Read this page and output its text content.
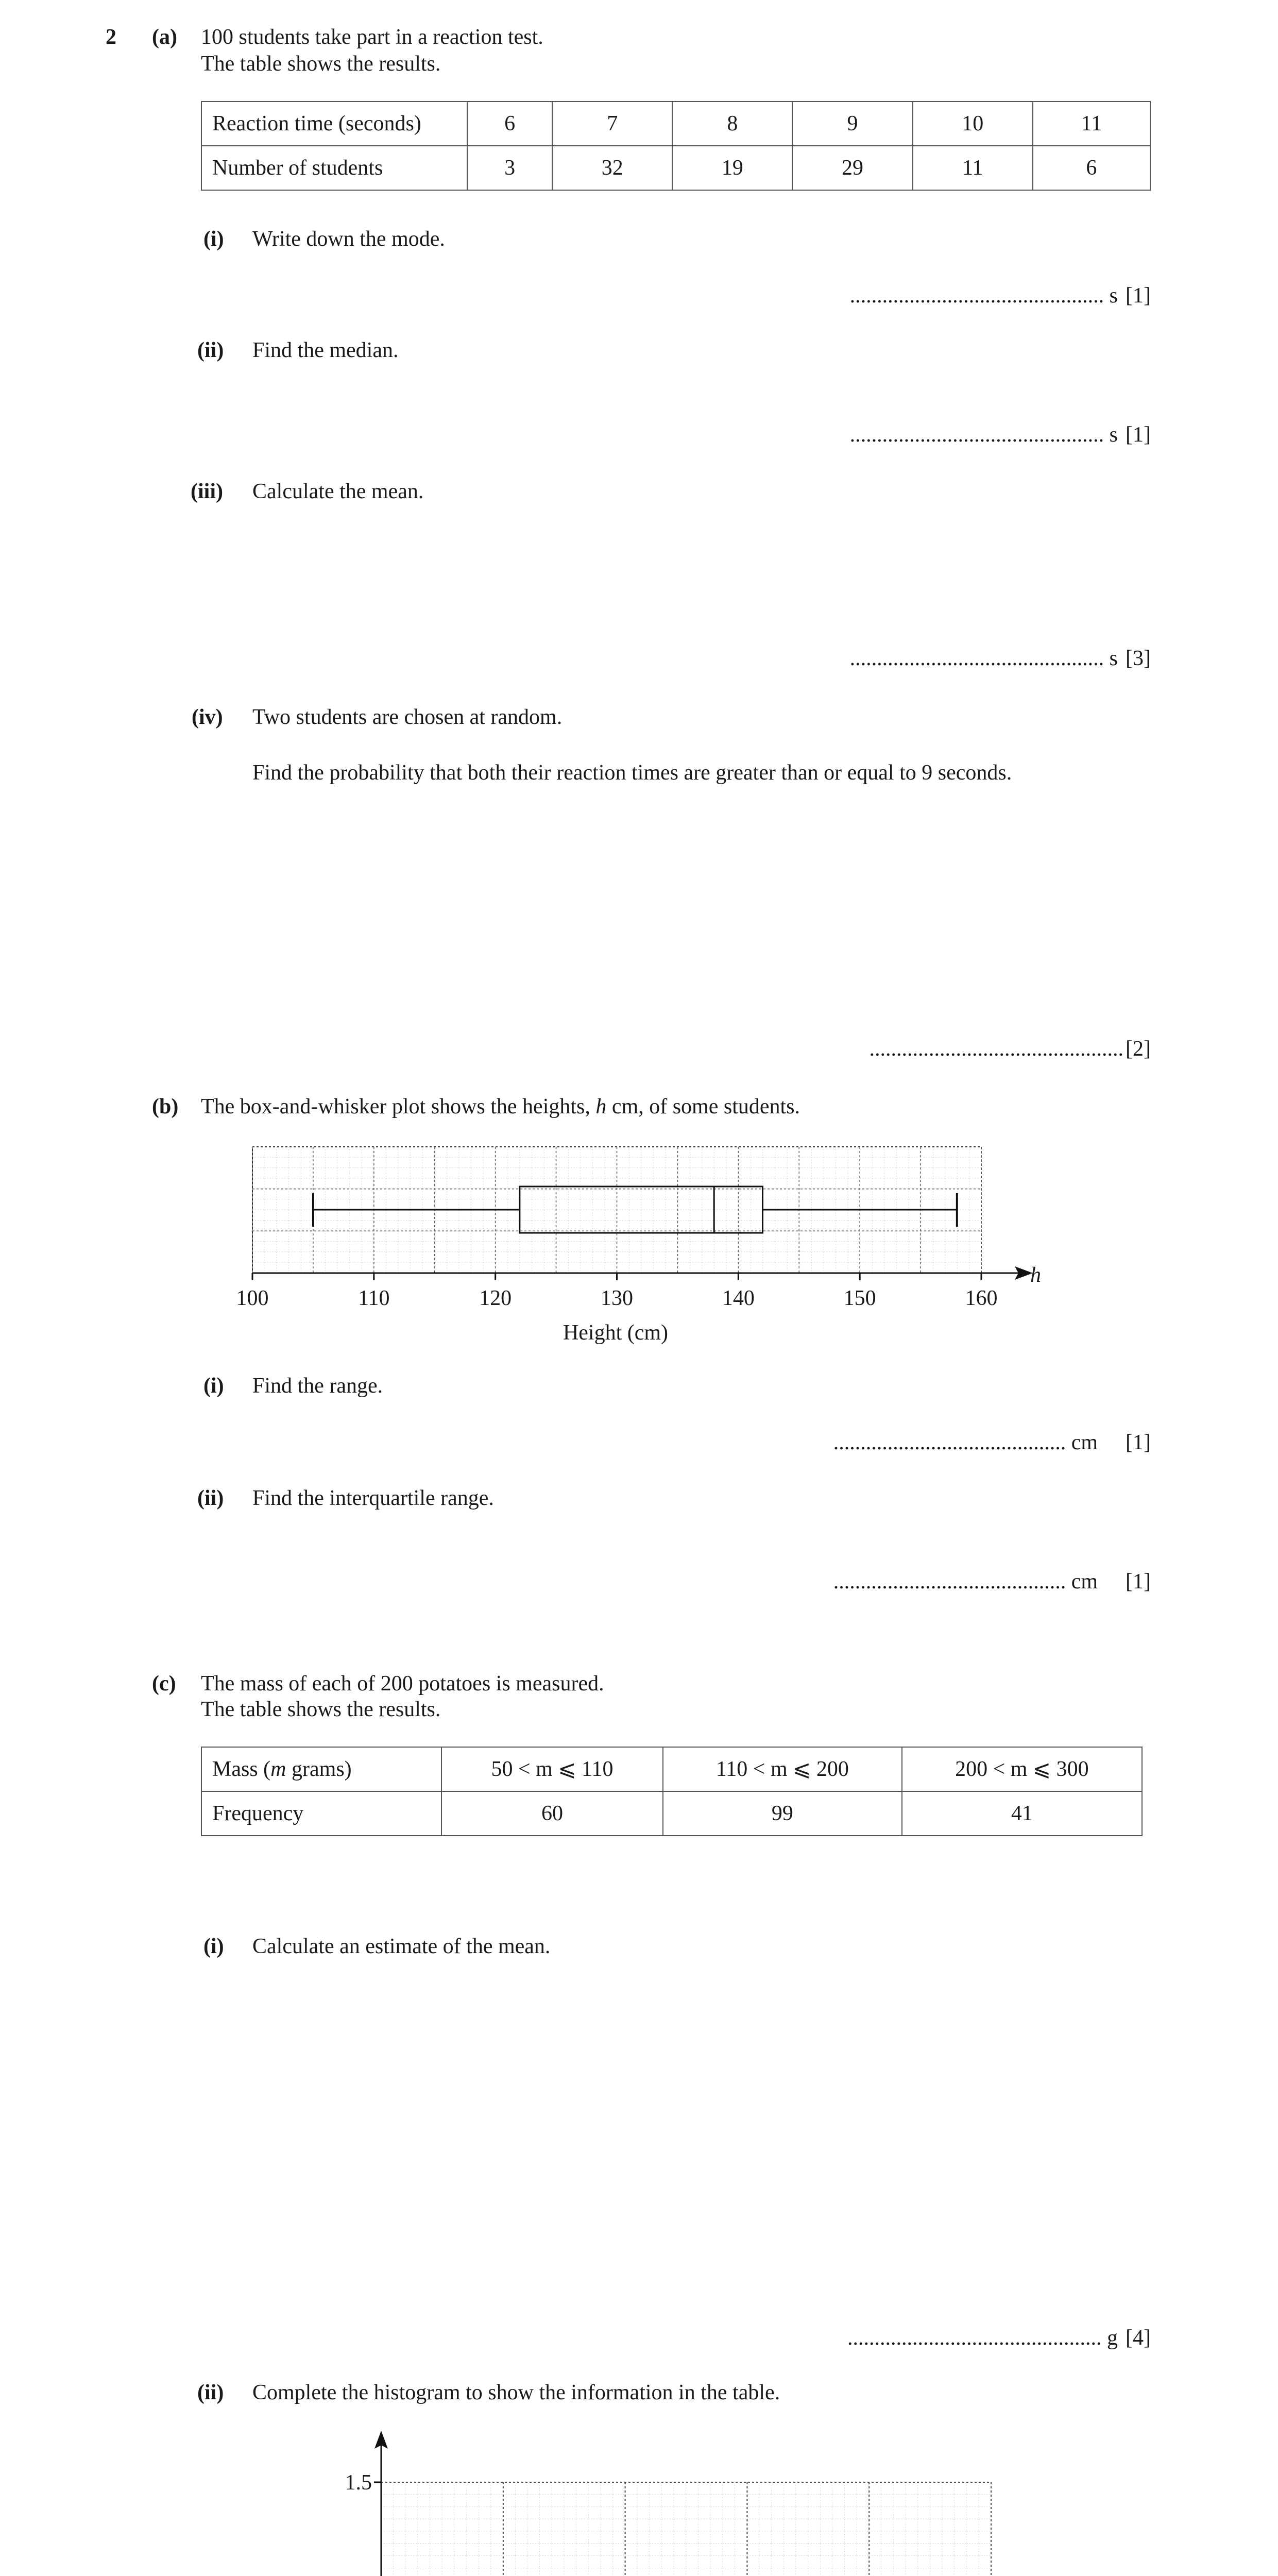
2 (a) 100 students take part in a reaction test.
The table shows the results.
Reaction time (seconds)	6	7	8	9	10	11
Number of students	3	32	19	29	11	6
(i) Write down the mode.
............................................... s [1]
(ii) Find the median.
............................................... s [1]
(iii) Calculate the mean.
............................................... s [3]
(iv) Two students are chosen at random.
Find the probability that both their reaction times are greater than or equal to 9 seconds.
............................................... [2]
(b) The box-and-whisker plot shows the heights, h cm, of some students.
100	110	120	130	140	150	160
h
Height (cm)
(i) Find the range.
........................................... cm [1]
(ii) Find the interquartile range.
........................................... cm [1]
(c) The mass of each of 200 potatoes is measured.
The table shows the results.
Mass (m grams)	50 < m ⩽ 110	110 < m ⩽ 200	200 < m ⩽ 300
Frequency	60	99	41
(i) Calculate an estimate of the mean.
............................................... g [4]
(ii) Complete the histogram to show the information in the table.
1.5
